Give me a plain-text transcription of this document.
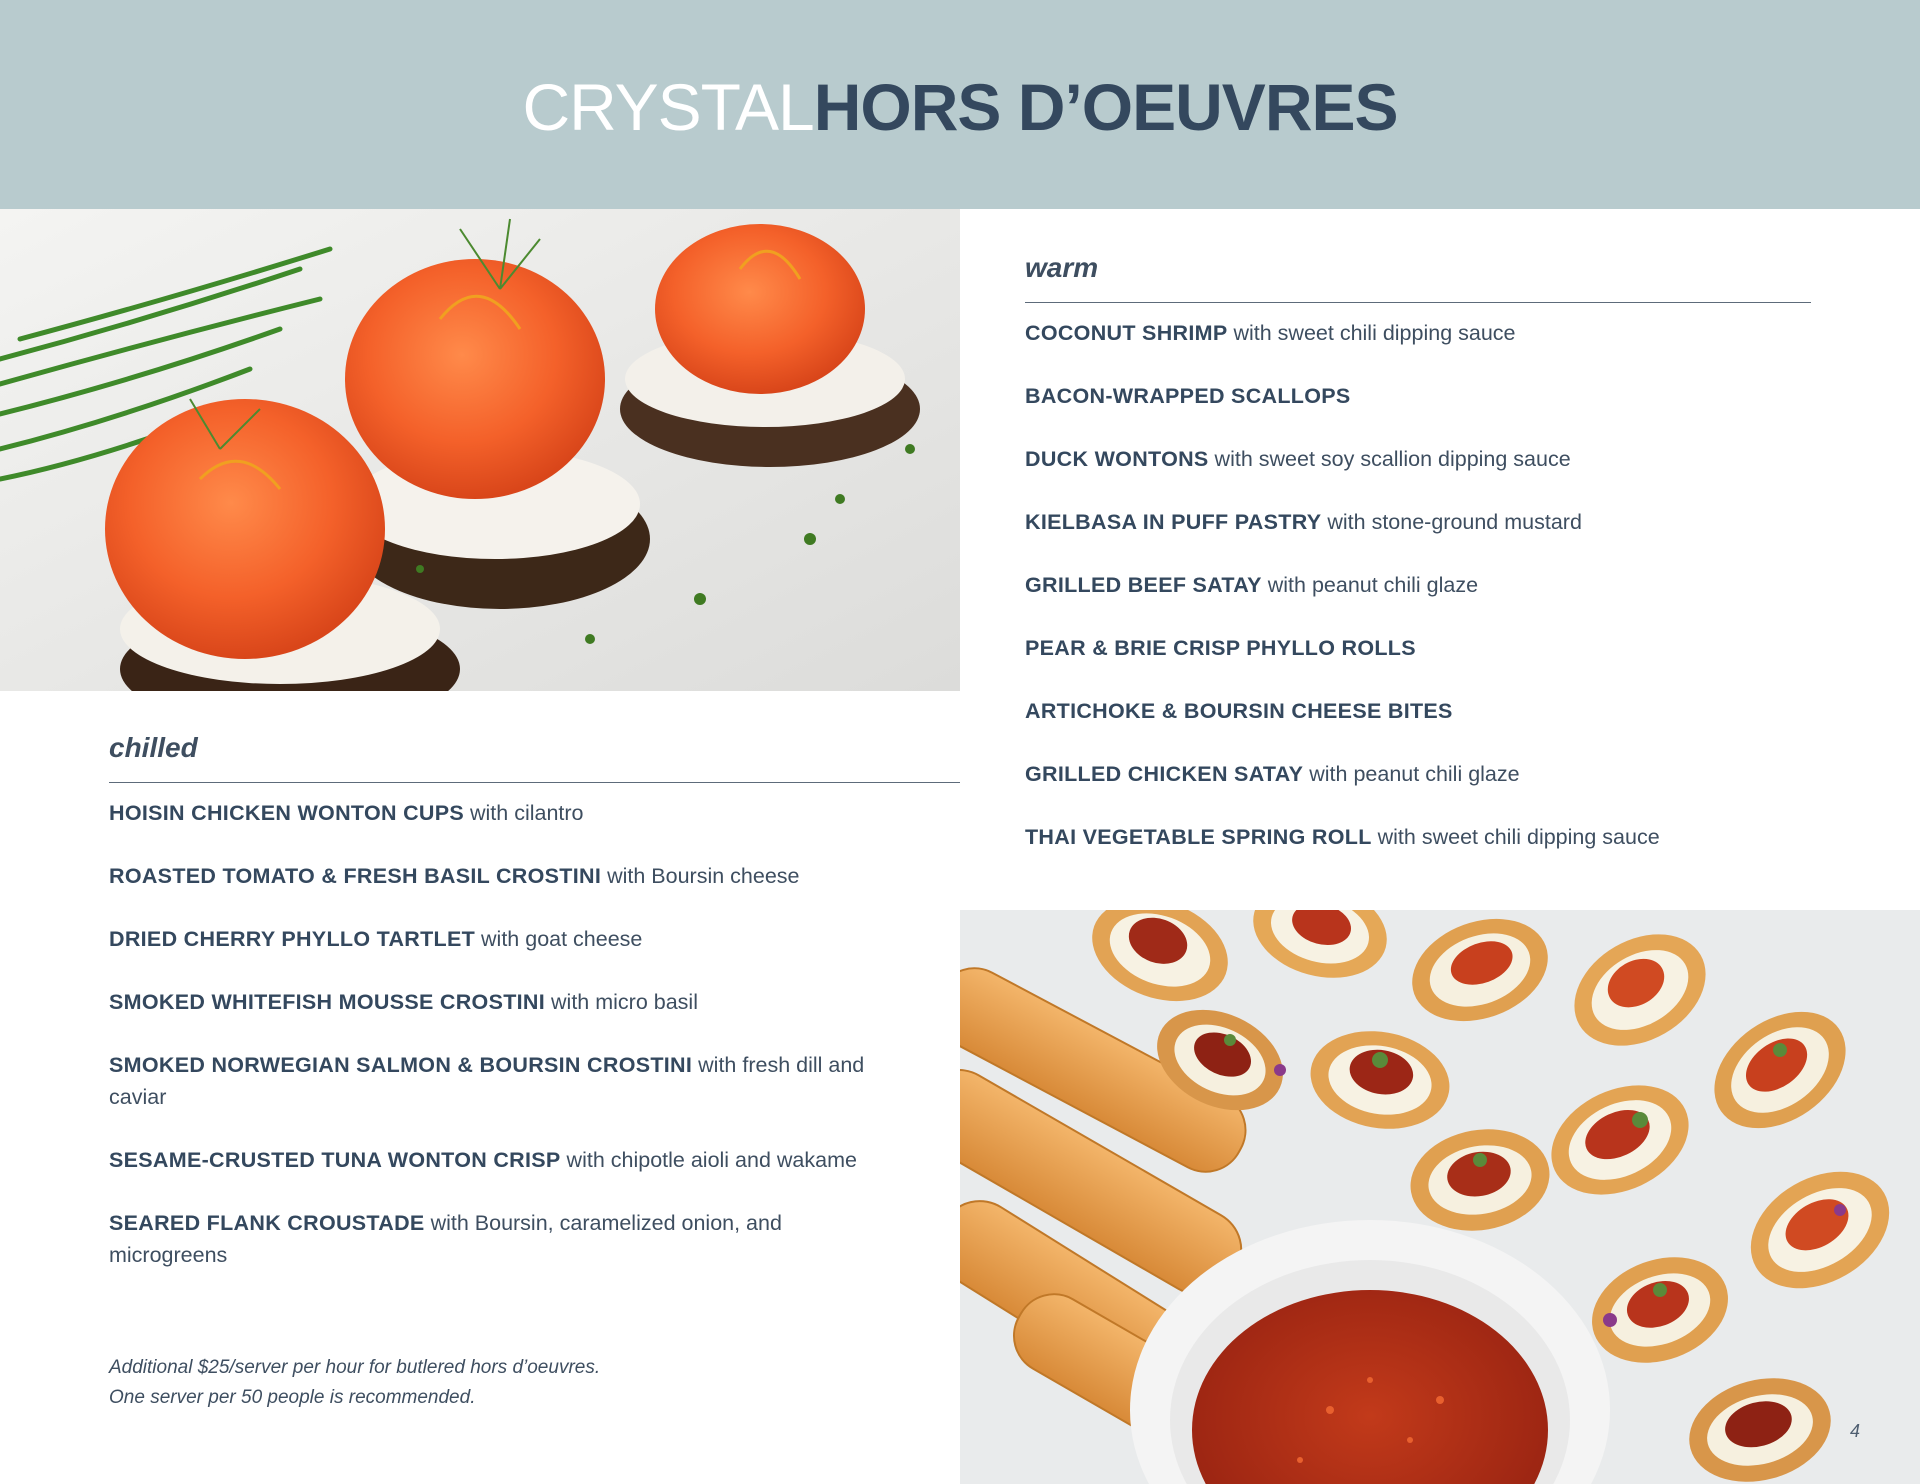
CRYSTALHORS D’OEUVRES
warm
COCONUT SHRIMP with sweet chili dipping sauce
BACON-WRAPPED SCALLOPS
DUCK WONTONS with sweet soy scallion dipping sauce
KIELBASA IN PUFF PASTRY with stone-ground mustard
GRILLED BEEF SATAY with peanut chili glaze
PEAR & BRIE CRISP PHYLLO ROLLS
ARTICHOKE & BOURSIN CHEESE BITES
GRILLED CHICKEN SATAY with peanut chili glaze
THAI VEGETABLE SPRING ROLL with sweet chili dipping sauce
chilled
HOISIN CHICKEN WONTON CUPS with cilantro
ROASTED TOMATO & FRESH BASIL CROSTINI with Boursin cheese
DRIED CHERRY PHYLLO TARTLET with goat cheese
SMOKED WHITEFISH MOUSSE CROSTINI with micro basil
SMOKED NORWEGIAN SALMON & BOURSIN CROSTINI with fresh dill and caviar
SESAME-CRUSTED TUNA WONTON CRISP with chipotle aioli and wakame
SEARED FLANK CROUSTADE with Boursin, caramelized onion, and microgreens
Additional $25/server per hour for butlered hors d’oeuvres.
One server per 50 people is recommended.
4
